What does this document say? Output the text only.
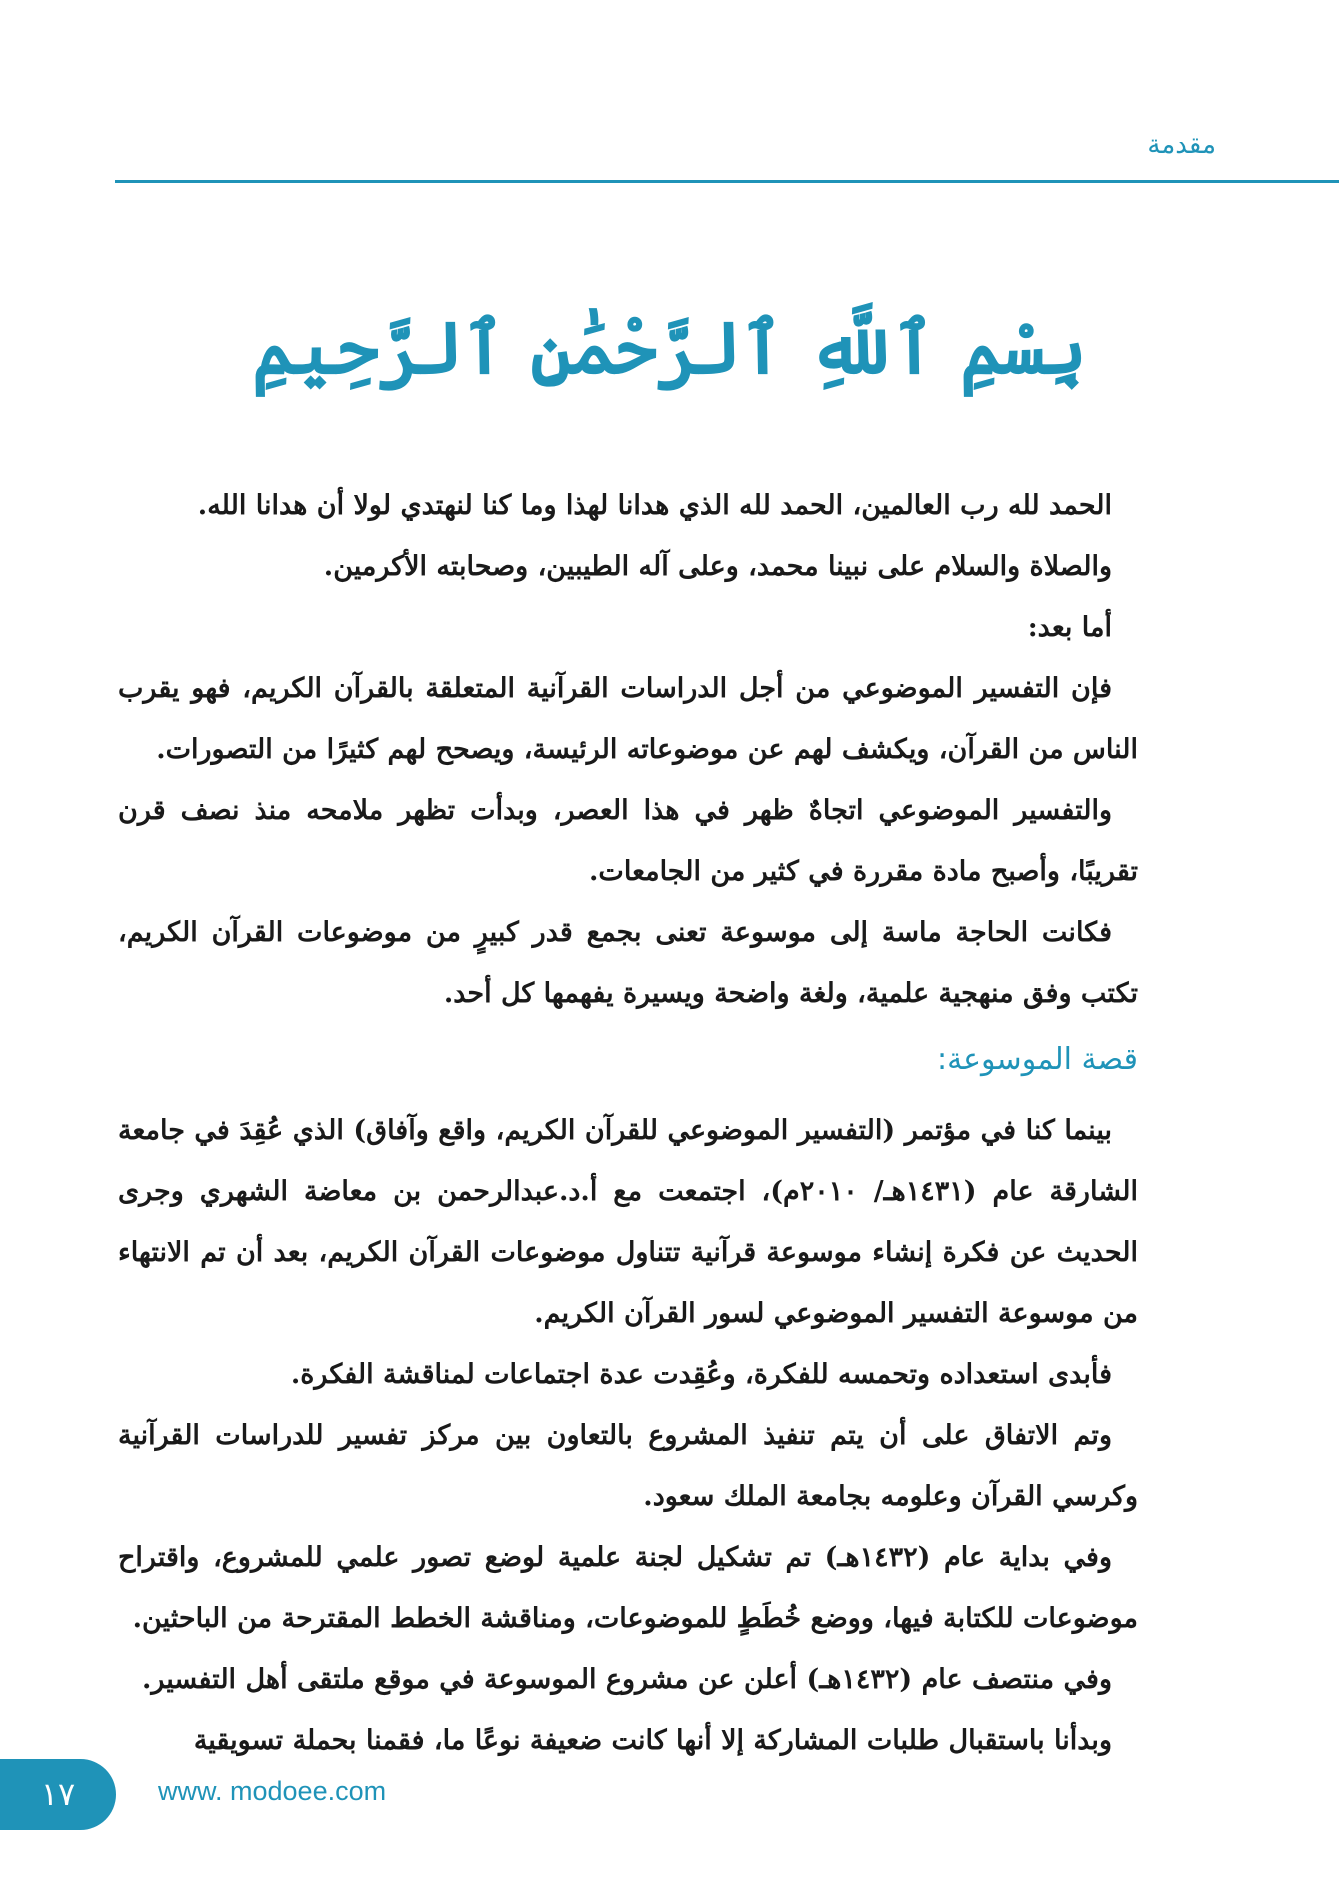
مقدمة
بِسْمِ ٱللَّهِ ٱلرَّحْمَٰنِ ٱلرَّحِيمِ

الحمد لله رب العالمين، الحمد لله الذي هدانا لهذا وما كنا لنهتدي لولا أن هدانا الله.

والصلاة والسلام على نبينا محمد، وعلى آله الطيبين، وصحابته الأكرمين.

أما بعد:

فإن التفسير الموضوعي من أجل الدراسات القرآنية المتعلقة بالقرآن الكريم، فهو يقرب الناس من القرآن، ويكشف لهم عن موضوعاته الرئيسة، ويصحح لهم كثيرًا من التصورات.

والتفسير الموضوعي اتجاهٌ ظهر في هذا العصر، وبدأت تظهر ملامحه منذ نصف قرن تقريبًا، وأصبح مادة مقررة في كثير من الجامعات.

فكانت الحاجة ماسة إلى موسوعة تعنى بجمع قدر كبيرٍ من موضوعات القرآن الكريم، تكتب وفق منهجية علمية، ولغة واضحة ويسيرة يفهمها كل أحد.

قصة الموسوعة:

بينما كنا في مؤتمر (التفسير الموضوعي للقرآن الكريم، واقع وآفاق) الذي عُقِدَ في جامعة الشارقة عام (١٤٣١هـ/ ٢٠١٠م)، اجتمعت مع أ.د.عبدالرحمن بن معاضة الشهري وجرى الحديث عن فكرة إنشاء موسوعة قرآنية تتناول موضوعات القرآن الكريم، بعد أن تم الانتهاء من موسوعة التفسير الموضوعي لسور القرآن الكريم.

فأبدى استعداده وتحمسه للفكرة، وعُقِدت عدة اجتماعات لمناقشة الفكرة.

وتم الاتفاق على أن يتم تنفيذ المشروع بالتعاون بين مركز تفسير للدراسات القرآنية وكرسي القرآن وعلومه بجامعة الملك سعود.

وفي بداية عام (١٤٣٢هـ) تم تشكيل لجنة علمية لوضع تصور علمي للمشروع، واقتراح موضوعات للكتابة فيها، ووضع خُطَطٍ للموضوعات، ومناقشة الخطط المقترحة من الباحثين.

وفي منتصف عام (١٤٣٢هـ) أعلن عن مشروع الموسوعة في موقع ملتقى أهل التفسير.

وبدأنا باستقبال طلبات المشاركة إلا أنها كانت ضعيفة نوعًا ما، فقمنا بحملة تسويقية

١٧	www. modoee.com
